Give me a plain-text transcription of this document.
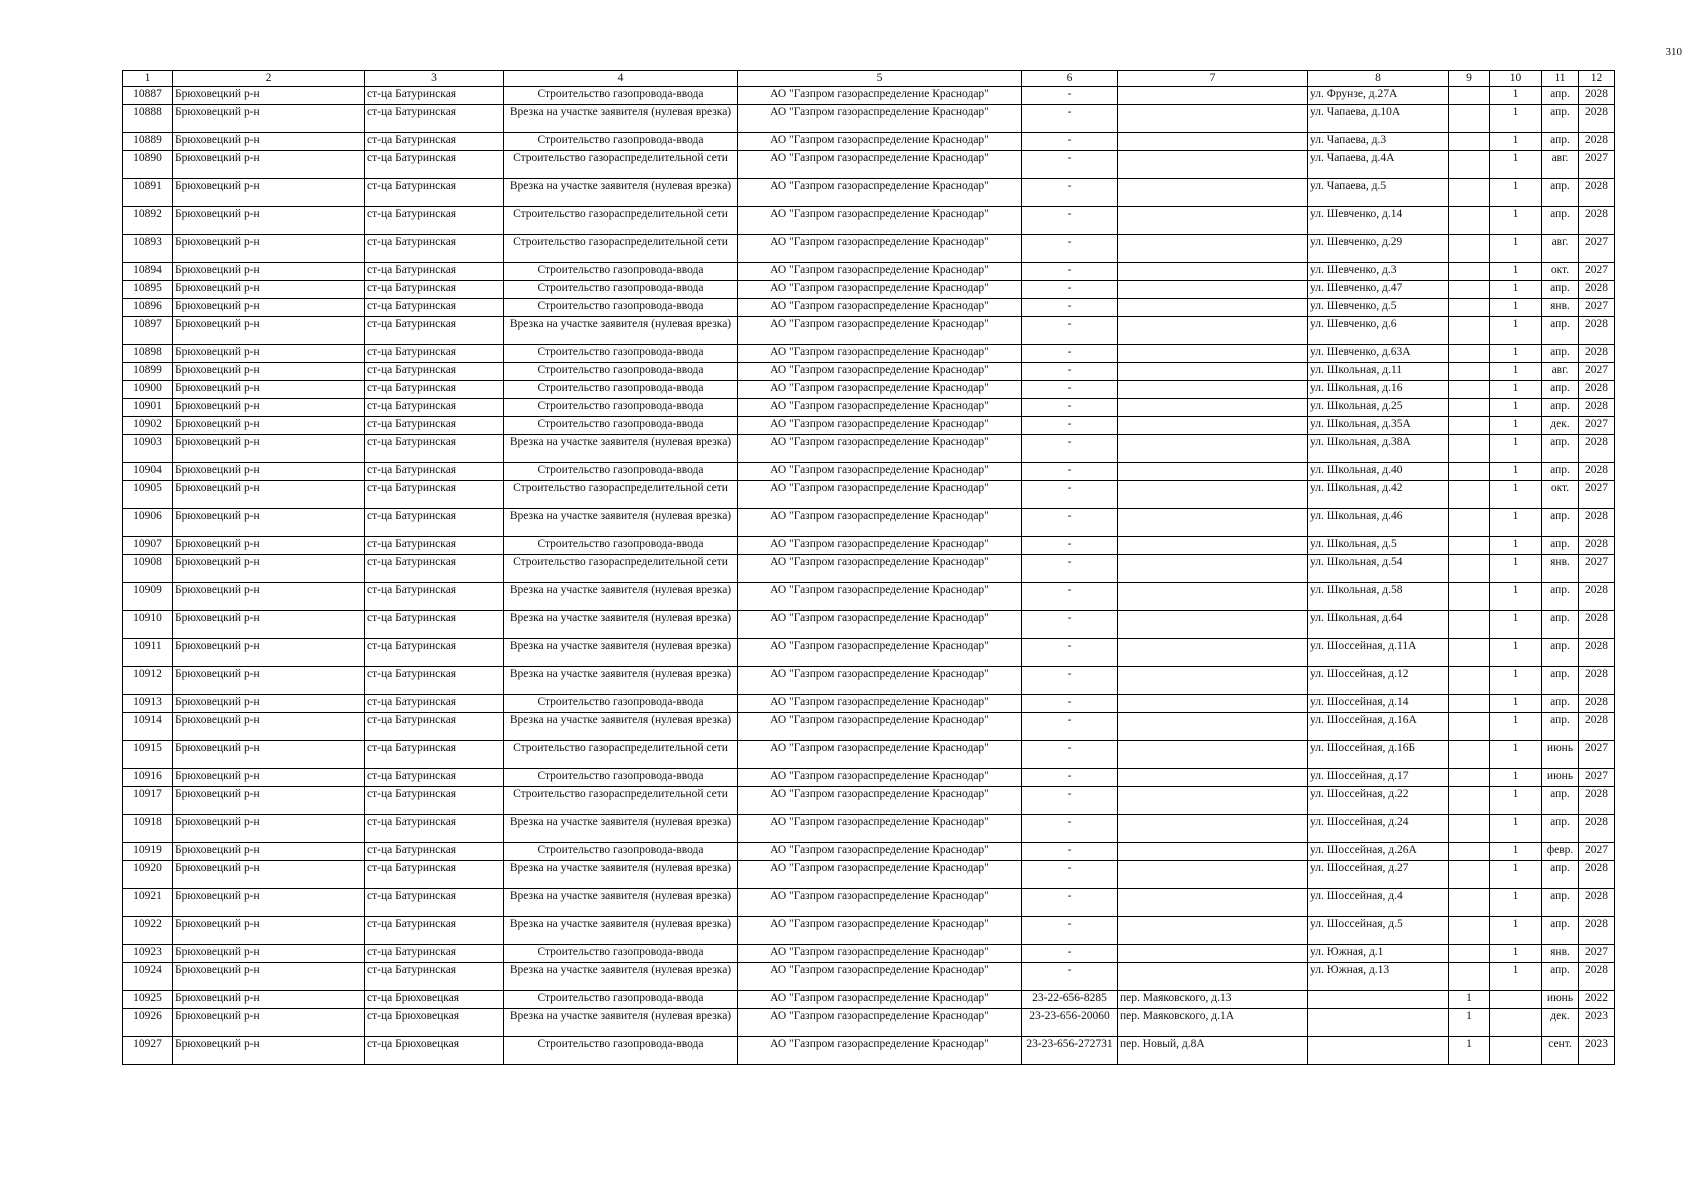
310
1	2	3	4	5	6	7	8	9	10	11	12
10887	Брюховецкий р-н	ст-ца Батуринская	Строительство газопровода-ввода	АО "Газпром газораспределение Краснодар"	-		ул. Фрунзе, д.27А		1	апр.	2028
10888	Брюховецкий р-н	ст-ца Батуринская	Врезка на участке заявителя (нулевая врезка)	АО "Газпром газораспределение Краснодар"	-		ул. Чапаева, д.10А		1	апр.	2028
10889	Брюховецкий р-н	ст-ца Батуринская	Строительство газопровода-ввода	АО "Газпром газораспределение Краснодар"	-		ул. Чапаева, д.3		1	апр.	2028
10890	Брюховецкий р-н	ст-ца Батуринская	Строительство газораспределительной сети	АО "Газпром газораспределение Краснодар"	-		ул. Чапаева, д.4А		1	авг.	2027
10891	Брюховецкий р-н	ст-ца Батуринская	Врезка на участке заявителя (нулевая врезка)	АО "Газпром газораспределение Краснодар"	-		ул. Чапаева, д.5		1	апр.	2028
10892	Брюховецкий р-н	ст-ца Батуринская	Строительство газораспределительной сети	АО "Газпром газораспределение Краснодар"	-		ул. Шевченко, д.14		1	апр.	2028
10893	Брюховецкий р-н	ст-ца Батуринская	Строительство газораспределительной сети	АО "Газпром газораспределение Краснодар"	-		ул. Шевченко, д.29		1	авг.	2027
10894	Брюховецкий р-н	ст-ца Батуринская	Строительство газопровода-ввода	АО "Газпром газораспределение Краснодар"	-		ул. Шевченко, д.3		1	окт.	2027
10895	Брюховецкий р-н	ст-ца Батуринская	Строительство газопровода-ввода	АО "Газпром газораспределение Краснодар"	-		ул. Шевченко, д.47		1	апр.	2028
10896	Брюховецкий р-н	ст-ца Батуринская	Строительство газопровода-ввода	АО "Газпром газораспределение Краснодар"	-		ул. Шевченко, д.5		1	янв.	2027
10897	Брюховецкий р-н	ст-ца Батуринская	Врезка на участке заявителя (нулевая врезка)	АО "Газпром газораспределение Краснодар"	-		ул. Шевченко, д.6		1	апр.	2028
10898	Брюховецкий р-н	ст-ца Батуринская	Строительство газопровода-ввода	АО "Газпром газораспределение Краснодар"	-		ул. Шевченко, д.63А		1	апр.	2028
10899	Брюховецкий р-н	ст-ца Батуринская	Строительство газопровода-ввода	АО "Газпром газораспределение Краснодар"	-		ул. Школьная, д.11		1	авг.	2027
10900	Брюховецкий р-н	ст-ца Батуринская	Строительство газопровода-ввода	АО "Газпром газораспределение Краснодар"	-		ул. Школьная, д.16		1	апр.	2028
10901	Брюховецкий р-н	ст-ца Батуринская	Строительство газопровода-ввода	АО "Газпром газораспределение Краснодар"	-		ул. Школьная, д.25		1	апр.	2028
10902	Брюховецкий р-н	ст-ца Батуринская	Строительство газопровода-ввода	АО "Газпром газораспределение Краснодар"	-		ул. Школьная, д.35А		1	дек.	2027
10903	Брюховецкий р-н	ст-ца Батуринская	Врезка на участке заявителя (нулевая врезка)	АО "Газпром газораспределение Краснодар"	-		ул. Школьная, д.38А		1	апр.	2028
10904	Брюховецкий р-н	ст-ца Батуринская	Строительство газопровода-ввода	АО "Газпром газораспределение Краснодар"	-		ул. Школьная, д.40		1	апр.	2028
10905	Брюховецкий р-н	ст-ца Батуринская	Строительство газораспределительной сети	АО "Газпром газораспределение Краснодар"	-		ул. Школьная, д.42		1	окт.	2027
10906	Брюховецкий р-н	ст-ца Батуринская	Врезка на участке заявителя (нулевая врезка)	АО "Газпром газораспределение Краснодар"	-		ул. Школьная, д.46		1	апр.	2028
10907	Брюховецкий р-н	ст-ца Батуринская	Строительство газопровода-ввода	АО "Газпром газораспределение Краснодар"	-		ул. Школьная, д.5		1	апр.	2028
10908	Брюховецкий р-н	ст-ца Батуринская	Строительство газораспределительной сети	АО "Газпром газораспределение Краснодар"	-		ул. Школьная, д.54		1	янв.	2027
10909	Брюховецкий р-н	ст-ца Батуринская	Врезка на участке заявителя (нулевая врезка)	АО "Газпром газораспределение Краснодар"	-		ул. Школьная, д.58		1	апр.	2028
10910	Брюховецкий р-н	ст-ца Батуринская	Врезка на участке заявителя (нулевая врезка)	АО "Газпром газораспределение Краснодар"	-		ул. Школьная, д.64		1	апр.	2028
10911	Брюховецкий р-н	ст-ца Батуринская	Врезка на участке заявителя (нулевая врезка)	АО "Газпром газораспределение Краснодар"	-		ул. Шоссейная, д.11А		1	апр.	2028
10912	Брюховецкий р-н	ст-ца Батуринская	Врезка на участке заявителя (нулевая врезка)	АО "Газпром газораспределение Краснодар"	-		ул. Шоссейная, д.12		1	апр.	2028
10913	Брюховецкий р-н	ст-ца Батуринская	Строительство газопровода-ввода	АО "Газпром газораспределение Краснодар"	-		ул. Шоссейная, д.14		1	апр.	2028
10914	Брюховецкий р-н	ст-ца Батуринская	Врезка на участке заявителя (нулевая врезка)	АО "Газпром газораспределение Краснодар"	-		ул. Шоссейная, д.16А		1	апр.	2028
10915	Брюховецкий р-н	ст-ца Батуринская	Строительство газораспределительной сети	АО "Газпром газораспределение Краснодар"	-		ул. Шоссейная, д.16Б		1	июнь	2027
10916	Брюховецкий р-н	ст-ца Батуринская	Строительство газопровода-ввода	АО "Газпром газораспределение Краснодар"	-		ул. Шоссейная, д.17		1	июнь	2027
10917	Брюховецкий р-н	ст-ца Батуринская	Строительство газораспределительной сети	АО "Газпром газораспределение Краснодар"	-		ул. Шоссейная, д.22		1	апр.	2028
10918	Брюховецкий р-н	ст-ца Батуринская	Врезка на участке заявителя (нулевая врезка)	АО "Газпром газораспределение Краснодар"	-		ул. Шоссейная, д.24		1	апр.	2028
10919	Брюховецкий р-н	ст-ца Батуринская	Строительство газопровода-ввода	АО "Газпром газораспределение Краснодар"	-		ул. Шоссейная, д.26А		1	февр.	2027
10920	Брюховецкий р-н	ст-ца Батуринская	Врезка на участке заявителя (нулевая врезка)	АО "Газпром газораспределение Краснодар"	-		ул. Шоссейная, д.27		1	апр.	2028
10921	Брюховецкий р-н	ст-ца Батуринская	Врезка на участке заявителя (нулевая врезка)	АО "Газпром газораспределение Краснодар"	-		ул. Шоссейная, д.4		1	апр.	2028
10922	Брюховецкий р-н	ст-ца Батуринская	Врезка на участке заявителя (нулевая врезка)	АО "Газпром газораспределение Краснодар"	-		ул. Шоссейная, д.5		1	апр.	2028
10923	Брюховецкий р-н	ст-ца Батуринская	Строительство газопровода-ввода	АО "Газпром газораспределение Краснодар"	-		ул. Южная, д.1		1	янв.	2027
10924	Брюховецкий р-н	ст-ца Батуринская	Врезка на участке заявителя (нулевая врезка)	АО "Газпром газораспределение Краснодар"	-		ул. Южная, д.13		1	апр.	2028
10925	Брюховецкий р-н	ст-ца Брюховецкая	Строительство газопровода-ввода	АО "Газпром газораспределение Краснодар"	23-22-656-8285	пер. Маяковского, д.13		1		июнь	2022
10926	Брюховецкий р-н	ст-ца Брюховецкая	Врезка на участке заявителя (нулевая врезка)	АО "Газпром газораспределение Краснодар"	23-23-656-20060	пер. Маяковского, д.1А		1		дек.	2023
10927	Брюховецкий р-н	ст-ца Брюховецкая	Строительство газопровода-ввода	АО "Газпром газораспределение Краснодар"	23-23-656-272731	пер. Новый, д.8А		1		сент.	2023
